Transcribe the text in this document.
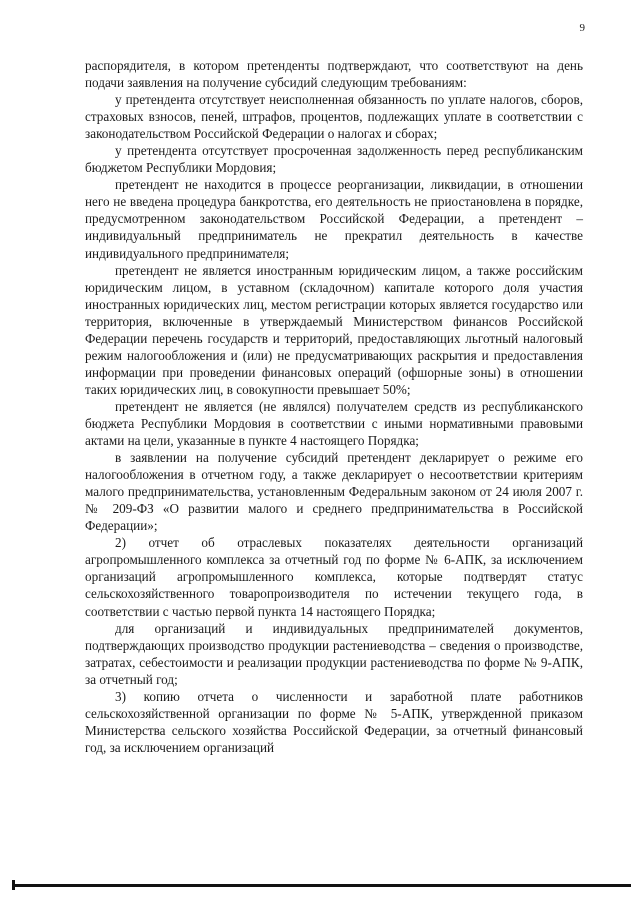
9

распорядителя, в котором претенденты подтверждают, что соответствуют на день подачи заявления на получение субсидий следующим требованиям:

у претендента отсутствует неисполненная обязанность по уплате налогов, сборов, страховых взносов, пеней, штрафов, процентов, подлежащих уплате в соответствии с законодательством Российской Федерации о налогах и сборах;

у претендента отсутствует просроченная задолженность перед республиканским бюджетом Республики Мордовия;

претендент не находится в процессе реорганизации, ликвидации, в отношении него не введена процедура банкротства, его деятельность не приостановлена в порядке, предусмотренном законодательством Российской Федерации, а претендент – индивидуальный предприниматель не прекратил деятельность в качестве индивидуального предпринимателя;

претендент не является иностранным юридическим лицом, а также российским юридическим лицом, в уставном (складочном) капитале которого доля участия иностранных юридических лиц, местом регистрации которых является государство или территория, включенные в утверждаемый Министерством финансов Российской Федерации перечень государств и территорий, предоставляющих льготный налоговый режим налогообложения и (или) не предусматривающих раскрытия и предоставления информации при проведении финансовых операций (офшорные зоны) в отношении таких юридических лиц, в совокупности превышает 50%;

претендент не является (не являлся) получателем средств из республиканского бюджета Республики Мордовия в соответствии с иными нормативными правовыми актами на цели, указанные в пункте 4 настоящего Порядка;

в заявлении на получение субсидий претендент декларирует о режиме его налогообложения в отчетном году, а также декларирует о несоответствии критериям малого предпринимательства, установленным Федеральным законом от 24 июля 2007 г. № 209-ФЗ «О развитии малого и среднего предпринимательства в Российской Федерации»;

2) отчет об отраслевых показателях деятельности организаций агропромышленного комплекса за отчетный год по форме № 6-АПК, за исключением организаций агропромышленного комплекса, которые подтвердят статус сельскохозяйственного товаропроизводителя по истечении текущего года, в соответствии с частью первой пункта 14 настоящего Порядка;

для организаций и индивидуальных предпринимателей документов, подтверждающих производство продукции растениеводства – сведения о производстве, затратах, себестоимости и реализации продукции растениеводства по форме № 9-АПК, за отчетный год;

3) копию отчета о численности и заработной плате работников сельскохозяйственной организации по форме № 5-АПК, утвержденной приказом Министерства сельского хозяйства Российской Федерации, за отчетный финансовый год, за исключением организаций
